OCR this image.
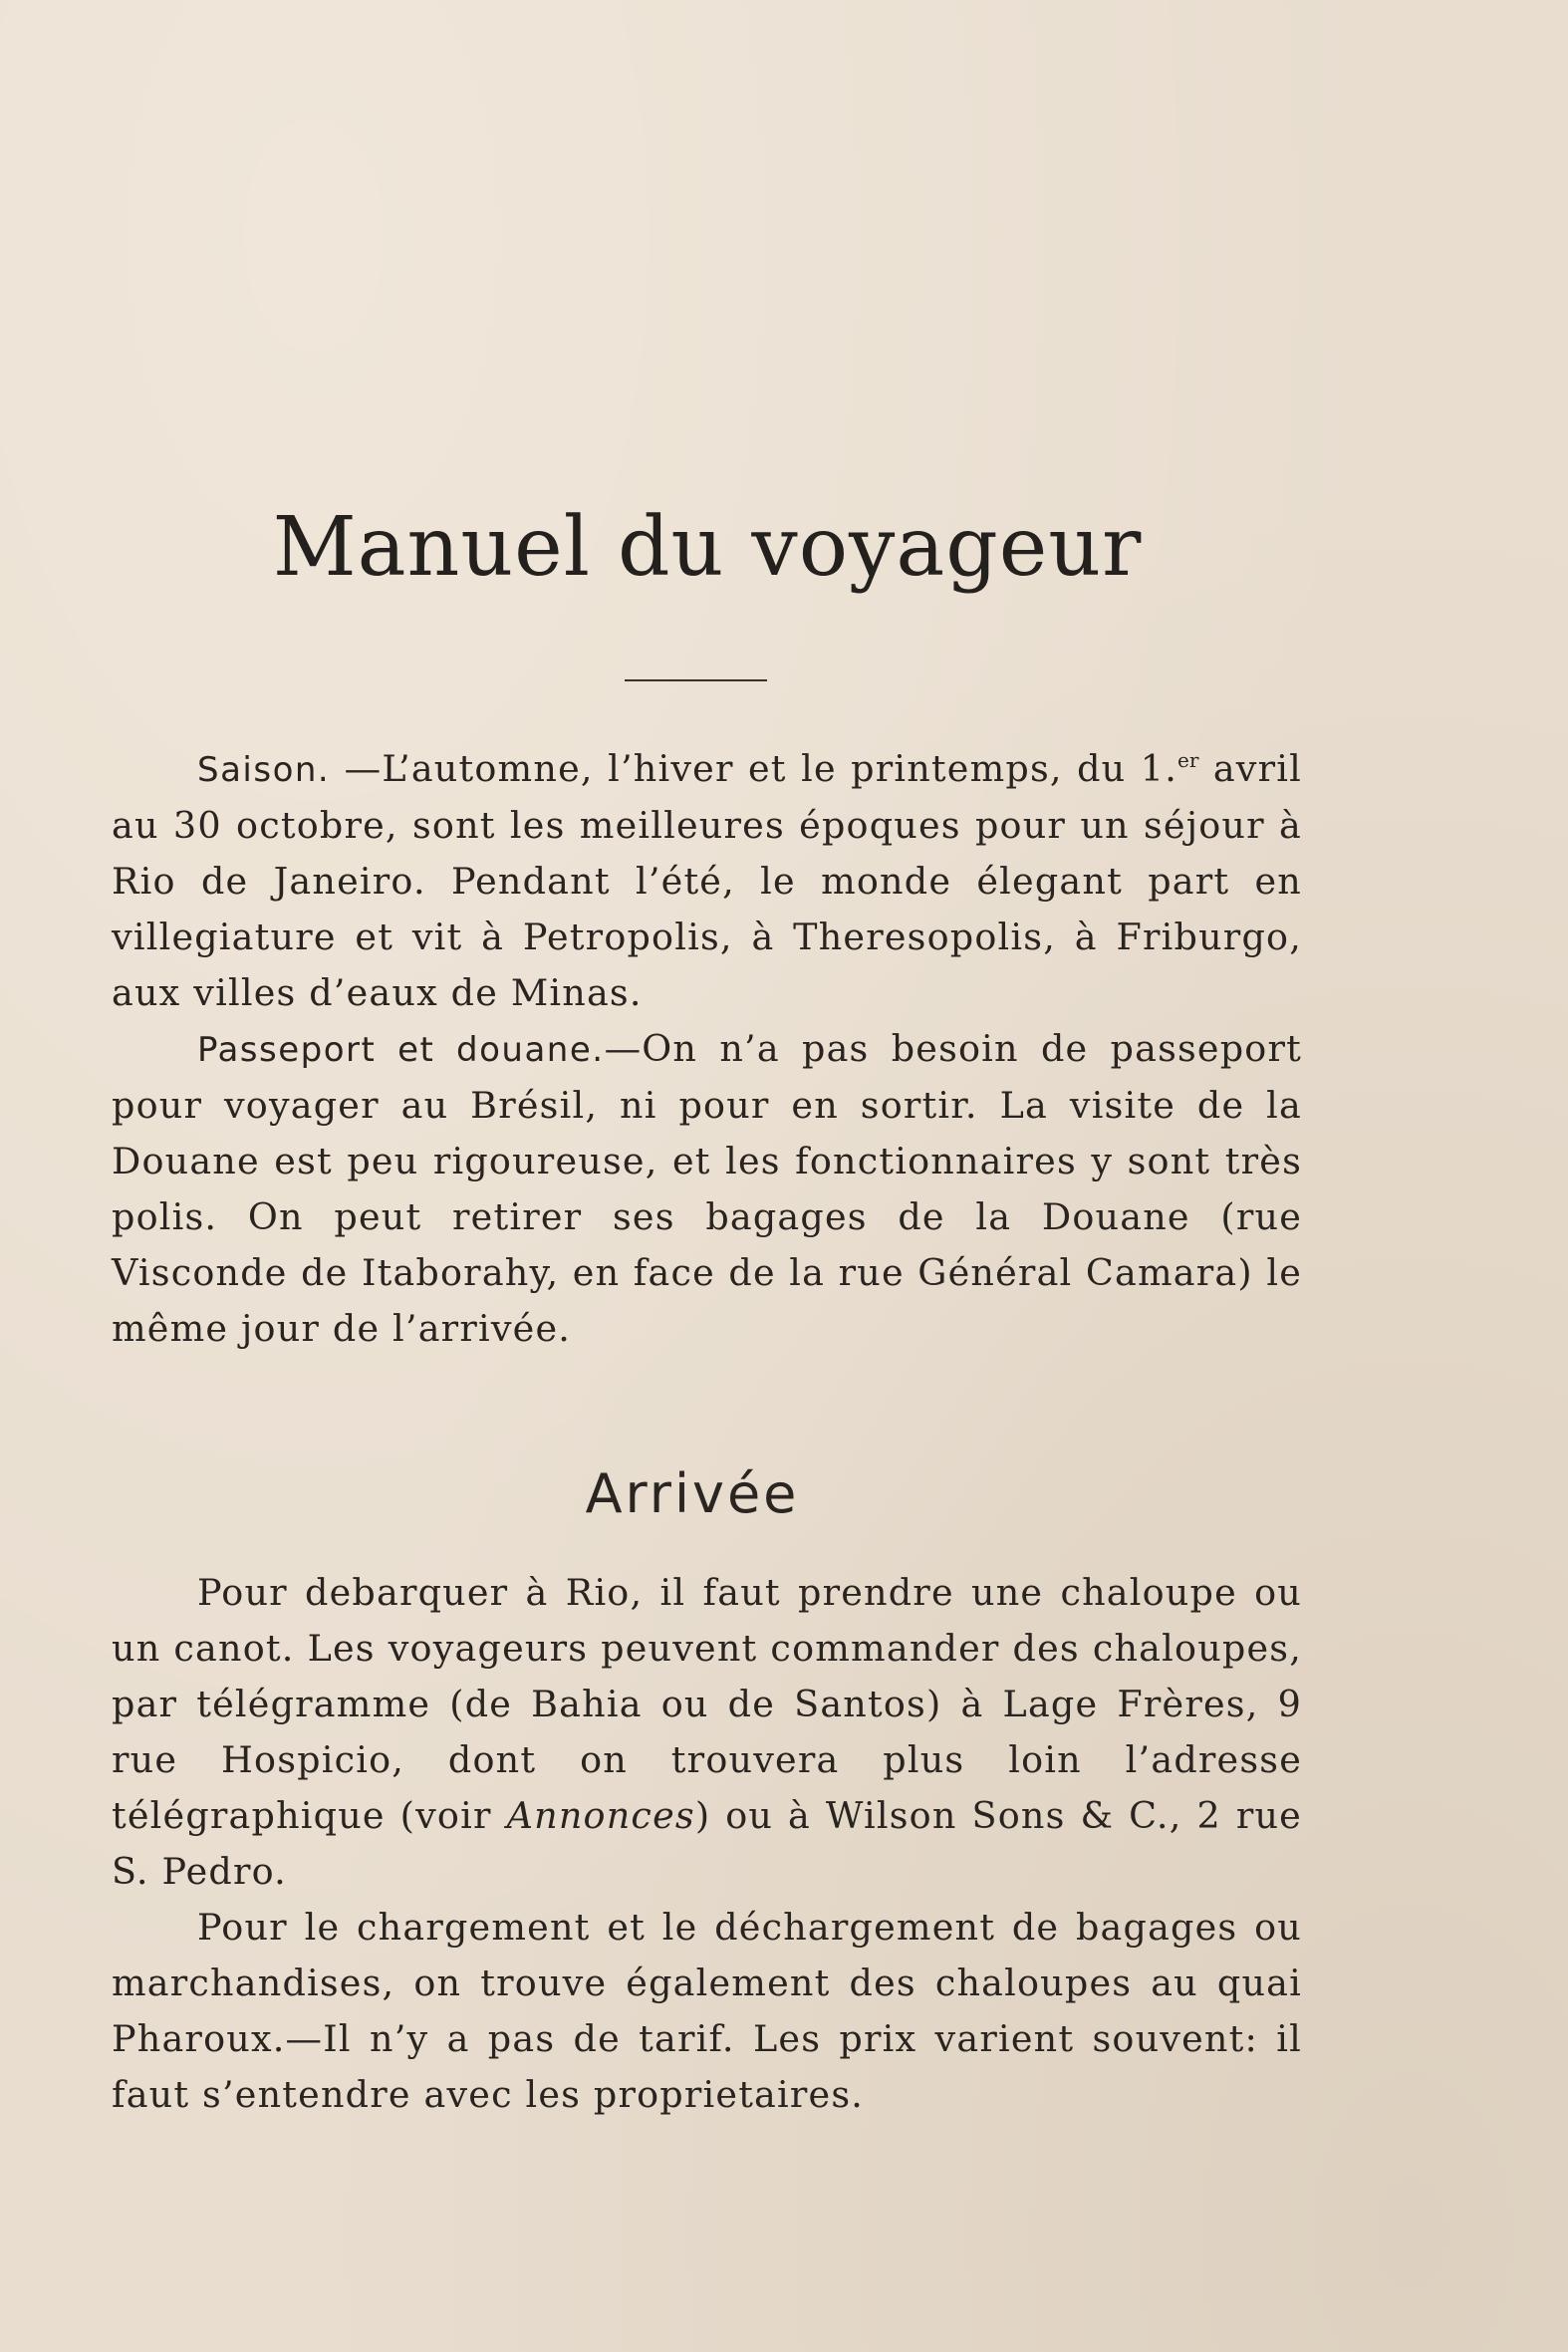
Manuel du voyageur

Saison. —L’automne, l’hiver et le printemps, du 1.$^{er}$ avril au 30 octobre, sont les meilleures époques pour un séjour à Rio de Janeiro. Pendant l’été, le monde élegant part en villegiature et vit à Petropolis, à Theresopolis, à Friburgo, aux villes d’eaux de Minas.

Passeport et douane.—On n’a pas besoin de passeport pour voyager au Brésil, ni pour en sortir. La visite de la Douane est peu rigoureuse, et les fonctionnaires y sont très polis. On peut retirer ses bagages de la Douane (rue Visconde de Itaborahy, en face de la rue Général Camara) le même jour de l’arrivée.

Arrivée

Pour debarquer à Rio, il faut prendre une chaloupe ou un canot. Les voyageurs peuvent commander des chaloupes, par télégramme (de Bahia ou de Santos) à Lage Frères, 9 rue Hospicio, dont on trouvera plus loin l’adresse télégraphique (voir Annonces) ou à Wilson Sons & C., 2 rue S. Pedro.

Pour le chargement et le déchargement de bagages ou marchandises, on trouve également des chaloupes au quai Pharoux.—Il n’y a pas de tarif. Les prix varient souvent: il faut s’entendre avec les proprietaires.
